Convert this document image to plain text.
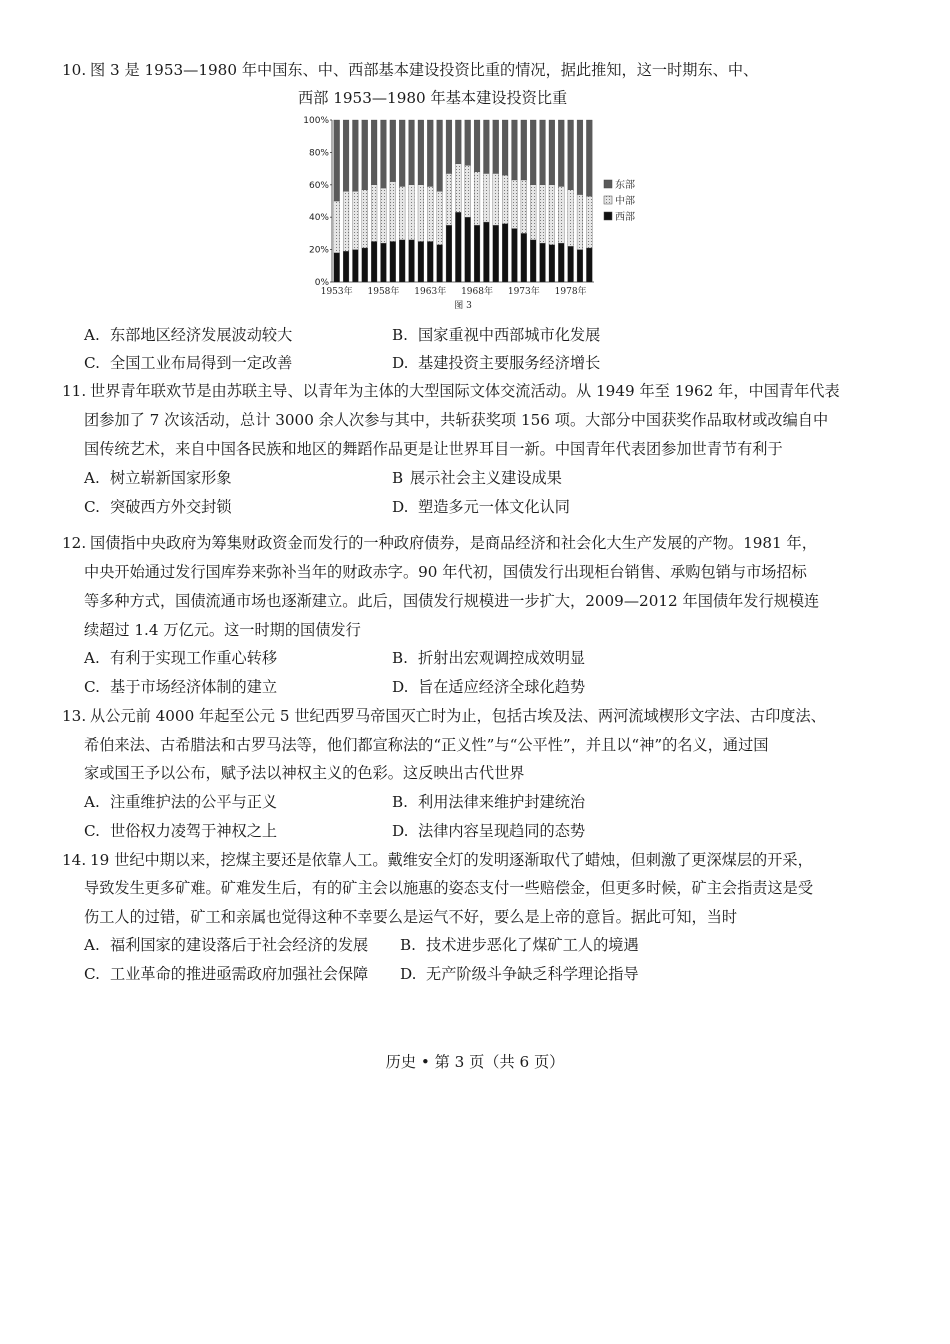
10. 图 3 是 1953—1980 年中国东、中、西部基本建设投资比重的情况，据此推知，这一时期东、中、
西部 1953—1980 年基本建设投资比重
0%
20%
40%
60%
80%
100%
1953年 1958年 1963年 1968年 1973年 1978年
图 3
东部
中部
西部
A. 东部地区经济发展波动较大	B. 国家重视中西部城市化发展
C. 全国工业布局得到一定改善	D. 基建投资主要服务经济增长
11. 世界青年联欢节是由苏联主导、以青年为主体的大型国际文体交流活动。从 1949 年至 1962 年，中国青年代表
团参加了 7 次该活动，总计 3000 余人次参与其中，共斩获奖项 156 项。大部分中国获奖作品取材或改编自中
国传统艺术，来自中国各民族和地区的舞蹈作品更是让世界耳目一新。中国青年代表团参加世青节有利于
A. 树立崭新国家形象	B 展示社会主义建设成果
C. 突破西方外交封锁	D. 塑造多元一体文化认同
12. 国债指中央政府为筹集财政资金而发行的一种政府债券，是商品经济和社会化大生产发展的产物。1981 年，
中央开始通过发行国库券来弥补当年的财政赤字。90 年代初，国债发行出现柜台销售、承购包销与市场招标
等多种方式，国债流通市场也逐渐建立。此后，国债发行规模进一步扩大，2009—2012 年国债年发行规模连
续超过 1.4 万亿元。这一时期的国债发行
A. 有利于实现工作重心转移	B. 折射出宏观调控成效明显
C. 基于市场经济体制的建立	D. 旨在适应经济全球化趋势
13. 从公元前 4000 年起至公元 5 世纪西罗马帝国灭亡时为止，包括古埃及法、两河流域楔形文字法、古印度法、
希伯来法、古希腊法和古罗马法等，他们都宣称法的“正义性”与“公平性”，并且以“神”的名义，通过国
家或国王予以公布，赋予法以神权主义的色彩。这反映出古代世界
A. 注重维护法的公平与正义	B. 利用法律来维护封建统治
C. 世俗权力凌驾于神权之上	D. 法律内容呈现趋同的态势
14. 19 世纪中期以来，挖煤主要还是依靠人工。戴维安全灯的发明逐渐取代了蜡烛，但刺激了更深煤层的开采，
导致发生更多矿难。矿难发生后，有的矿主会以施惠的姿态支付一些赔偿金，但更多时候，矿主会指责这是受
伤工人的过错，矿工和亲属也觉得这种不幸要么是运气不好，要么是上帝的意旨。据此可知，当时
A. 福利国家的建设落后于社会经济的发展 B. 技术进步恶化了煤矿工人的境遇
C. 工业革命的推进亟需政府加强社会保障 D. 无产阶级斗争缺乏科学理论指导
历史 • 第 3 页（共 6 页）
